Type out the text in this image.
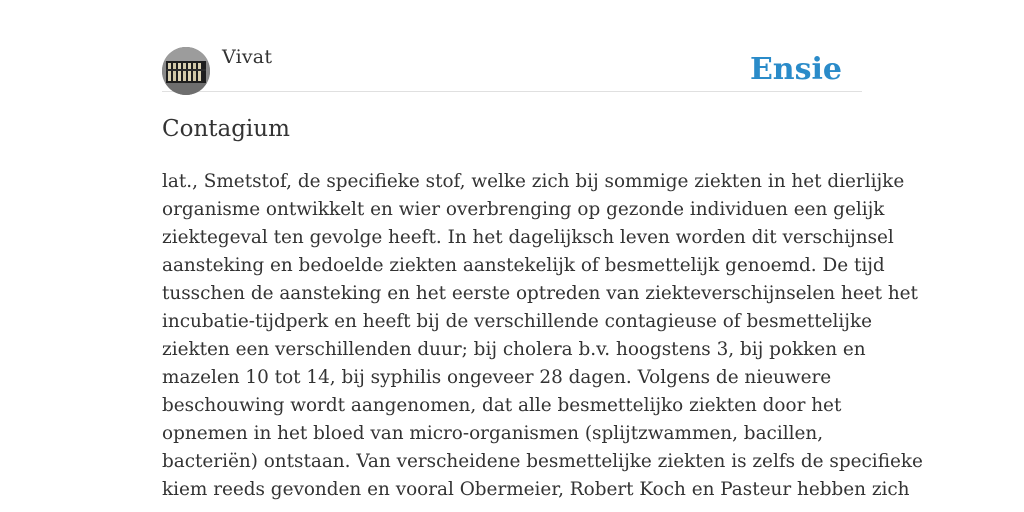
Vivat	Ensie
Contagium
lat., Smetstof, de specifieke stof, welke zich bij sommige ziekten in het dierlijke
organisme ontwikkelt en wier overbrenging op gezonde individuen een gelijk
ziektegeval ten gevolge heeft. In het dagelijksch leven worden dit verschijnsel
aansteking en bedoelde ziekten aanstekelijk of besmettelijk genoemd. De tijd
tusschen de aansteking en het eerste optreden van ziekteverschijnselen heet het
incubatie-tijdperk en heeft bij de verschillende contagieuse of besmettelijke
ziekten een verschillenden duur; bij cholera b.v. hoogstens 3, bij pokken en
mazelen 10 tot 14, bij syphilis ongeveer 28 dagen. Volgens de nieuwere
beschouwing wordt aangenomen, dat alle besmettelijko ziekten door het
opnemen in het bloed van micro-organismen (splijtzwammen, bacillen,
bacteriën) ontstaan. Van verscheidene besmettelijke ziekten is zelfs de specifieke
kiem reeds gevonden en vooral Obermeier, Robert Koch en Pasteur hebben zich
